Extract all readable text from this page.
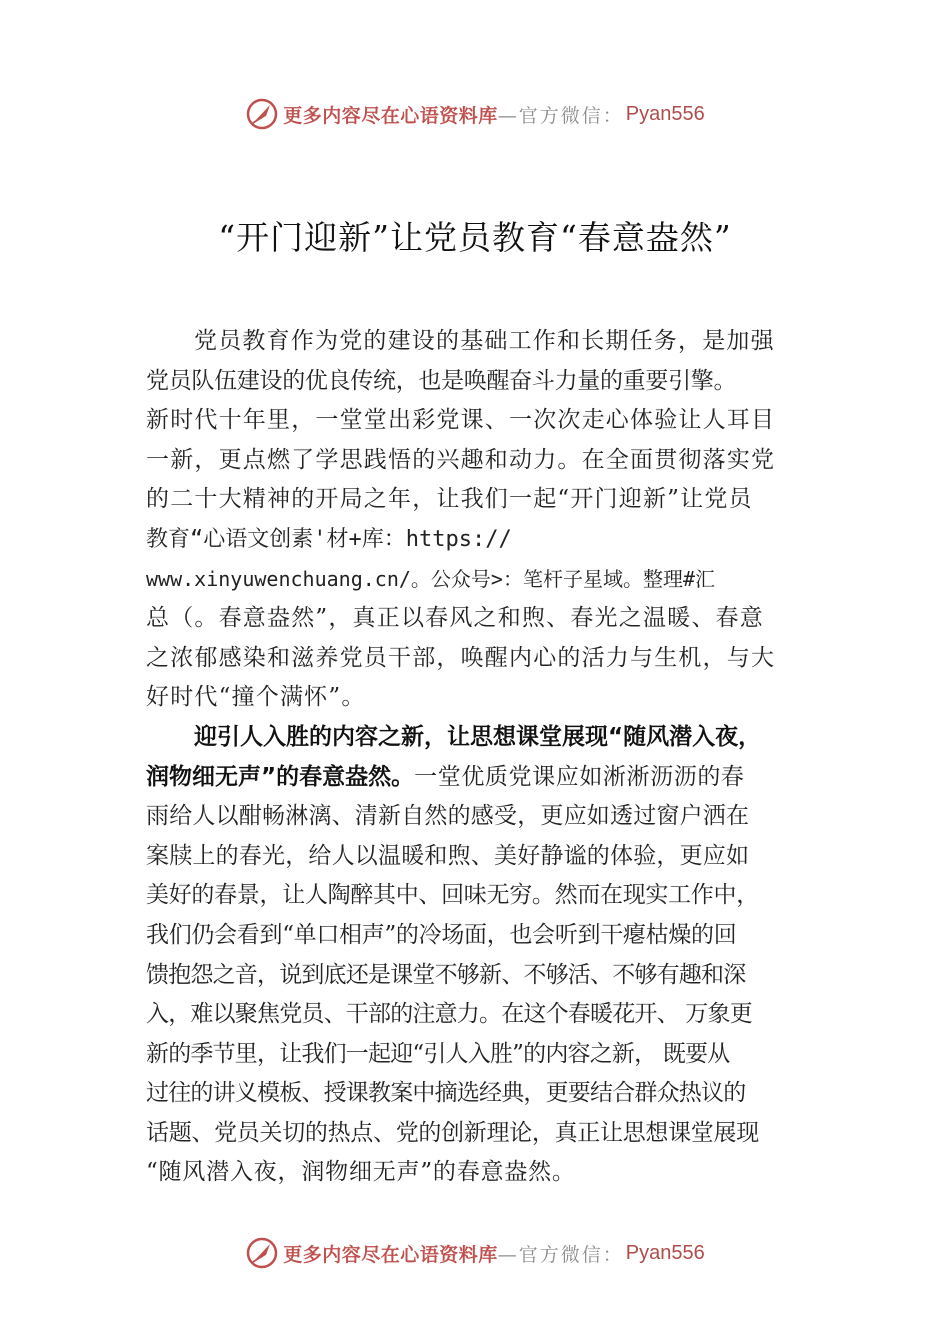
更多内容尽在心语资料库 —官方微信： Pyan556
“开门迎新”让党员教育“春意盎然”
党员教育作为党的建设的基础工作和长期任务，是加强
党员队伍建设的优良传统，也是唤醒奋斗力量的重要引擎。
新时代十年里，一堂堂出彩党课、一次次走心体验让人耳目
一新，更点燃了学思践悟的兴趣和动力。在全面贯彻落实党
的二十大精神的开局之年，让我们一起“开门迎新”让党员
教育“心语文创素'材+库：https://
www.xinyuwenchuang.cn/。公众号>：笔杆子星域。整理#汇
总（。春意盎然”，真正以春风之和煦、春光之温暖、春意
之浓郁感染和滋养党员干部，唤醒内心的活力与生机，与大
好时代“撞个满怀”。
迎引人入胜的内容之新，让思想课堂展现“随风潜入夜，
润物细无声”的春意盎然。一堂优质党课应如淅淅沥沥的春
雨给人以酣畅淋漓、清新自然的感受，更应如透过窗户洒在
案牍上的春光，给人以温暖和煦、美好静谧的体验，更应如
美好的春景，让人陶醉其中、回味无穷。然而在现实工作中，
我们仍会看到“单口相声”的冷场面，也会听到干瘪枯燥的回
馈抱怨之音，说到底还是课堂不够新、不够活、不够有趣和深
入，难以聚焦党员、干部的注意力。在这个春暖花开、 万象更
新的季节里，让我们一起迎“引人入胜”的内容之新， 既要从
过往的讲义模板、授课教案中摘选经典，更要结合群众热议的
话题、党员关切的热点、党的创新理论，真正让思想课堂展现
“随风潜入夜，润物细无声”的春意盎然。
更多内容尽在心语资料库 —官方微信： Pyan556
